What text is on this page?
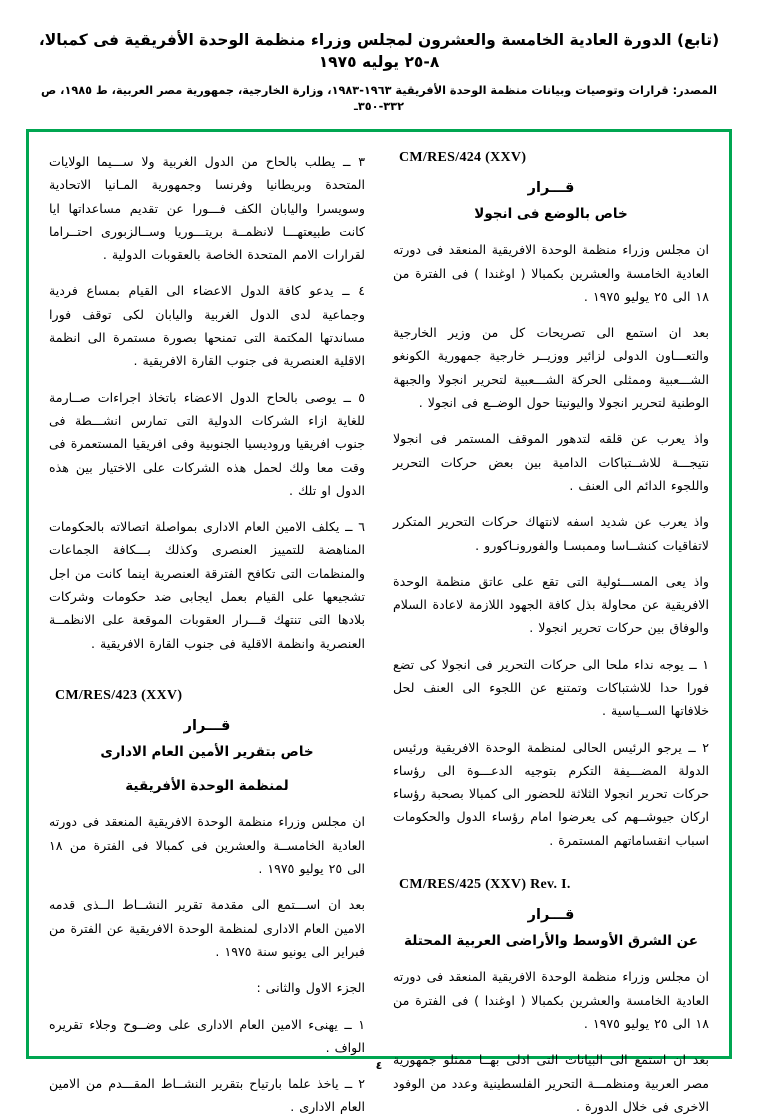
(تابع) الدورة العادية الخامسة والعشرون لمجلس وزراء منظمة الوحدة الأفريقية فى كمبالا، ٨-٢٥ يوليه ١٩٧٥
المصدر: قرارات وتوصيات وبيانات منظمة الوحدة الأفريقية ١٩٦٣-١٩٨٣، وزارة الخارجية، جمهورية مصر العربية، ط ١٩٨٥، ص ٣٣٢-٣٥٠ـ
CM/RES/424 (XXV)
قـــرار
خاص بالوضع فى انجولا

ان مجلس وزراء منظمة الوحدة الافريقية المنعقد فى دورته العادية الخامسة والعشرين بكمبالا ( اوغندا ) فى الفترة من ١٨ الى ٢٥ يوليو ١٩٧٥ .

بعد ان استمع الى تصريحات كل من وزير الخارجية والتعـــاون الدولى لزائير ووزيــر خارجية جمهورية الكونغو الشـــعبية وممثلى الحركة الشـــعبية لتحرير انجولا والجبهة الوطنية لتحرير انجولا واليونيتا حول الوضــع فى انجولا .

واذ يعرب عن قلقه لتدهور الموقف المستمر فى انجولا نتيجـــة للاشــتباكات الدامية بين بعض حركات التحرير واللجوء الدائم الى العنف .

واذ يعرب عن شديد اسفه لانتهاك حركات التحرير المتكرر لاتفاقيات كنشــاسا وممبسـا والفورونـاكورو .

واذ يعى المســـئولية التى تقع على عاتق منظمة الوحدة الافريقية عن محاولة بذل كافة الجهود اللازمة لاعادة السلام والوفاق بين حركات تحرير انجولا .

١ ــ يوجه نداء ملحا الى حركات التحرير فى انجولا كى تضع فورا حدا للاشتباكات وتمتنع عن اللجوء الى العنف لحل خلافاتها الســياسية .

٢ ــ يرجو الرئيس الحالى لمنظمة الوحدة الافريقية ورئيس الدولة المضـــيفة التكرم بتوجيه الدعـــوة الى رؤساء حركات تحرير انجولا الثلاثة للحضور الى كمبالا بصحبة رؤساء اركان جيوشــهم كى يعرضوا امام رؤساء الدول والحكومات اسباب انقساماتهم المستمرة .

CM/RES/425 (XXV) Rev. I.
قـــرار
عن الشرق الأوسط والأراضى العربية المحتلة

ان مجلس وزراء منظمة الوحدة الافريقية المنعقد فى دورته العادية الخامسة والعشرين بكمبالا ( اوغندا ) فى الفترة من ١٨ الى ٢٥ يوليو ١٩٧٥ .

بعد ان استمع الى البيانات التى ادلى بهــا ممثلو جمهورية مصر العربية ومنظمـــة التحرير الفلسطينية وعدد من الوفود الاخرى فى خلال الدورة .

٣ ــ يطلب بالحاح من الدول الغربية ولا ســـيما الولايات المتحدة وبريطانيا وفرنسا وجمهورية المـانيا الاتحادية وسويسرا واليابان الكف فـــورا عن تقديم مساعداتها ايا كانت طبيعتهـــا لانظمــة بريتـــوريا وســالزبورى احتــراما لقرارات الامم المتحدة الخاصة بالعقوبات الدولية .

٤ ــ يدعو كافة الدول الاعضاء الى القيام بمساع فردية وجماعية لدى الدول الغربية واليابان لكى توقف فورا مساندتها المكتمة التى تمنحها بصورة مستمرة الى انظمة الاقلية العنصرية فى جنوب القارة الافريقية .

٥ ــ يوصى بالحاح الدول الاعضاء باتخاذ اجراءات صــارمة للغاية ازاء الشركات الدولية التى تمارس انشـــطة فى جنوب افريقيا وروديسيا الجنوبية وفى افريقيا المستعمرة فى وقت معا ولك لحمل هذه الشركات على الاختيار بين هذه الدول او تلك .

٦ ــ يكلف الامين العام الادارى بمواصلة اتصالاته بالحكومات المناهضة للتمييز العنصرى وكذلك بـــكافة الجماعات والمنظمات التى تكافح الفترقة العنصرية اينما كانت من اجل تشجيعها على القيام بعمل ايجابى ضد حكومات وشركات بلادها التى تنتهك قـــرار العقوبات الموقعة على الانظمــة العنصرية وانظمة الاقلية فى جنوب القارة الافريقية .

CM/RES/423 (XXV)
قـــرار
خاص بتقرير الأمين العام الادارى
لمنظمة الوحدة الأفريقية

ان مجلس وزراء منظمة الوحدة الافريقية المنعقد فى دورته العادية الخامســة والعشرين فى كمبالا فى الفترة من ١٨ الى ٢٥ يوليو ١٩٧٥ .

بعد ان اســـتمع الى مقدمة تقرير النشــاط الــذى قدمه الامين العام الادارى لمنظمة الوحدة الافريقية عن الفترة من فبراير الى يونيو سنة ١٩٧٥ .

الجزء الاول والثانى :

١ ــ يهنىء الامين العام الادارى على وضــوح وجلاء تقريره الواف .

٢ ــ ياخذ علما بارتياح بتقرير النشــاط المقـــدم من الامين العام الادارى .

٤
